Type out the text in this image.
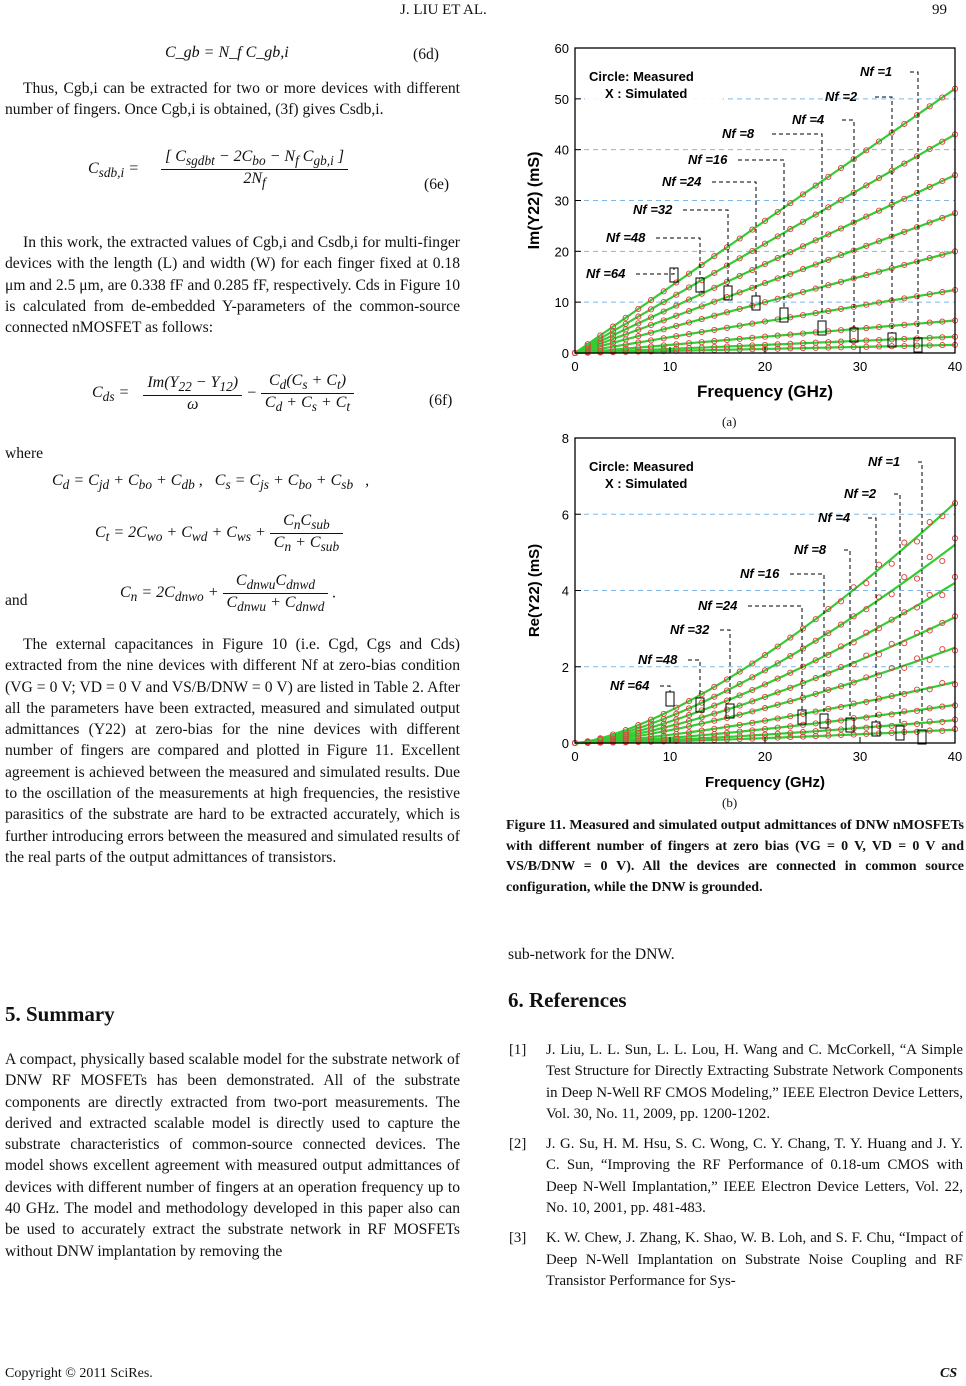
J. LIU ET AL.	99
C_gb = N_f C_gb,i	(6d)

Thus, Cgb,i can be extracted for two or more devices with different number of fingers. Once Cgb,i is obtained, (3f) gives Csdb,i.

$C_{sdb,i} = \frac{[ C_{sgdbt} - 2C_{bo} - N_f C_{gb,i} ]}{2N_f}$	(6e)

In this work, the extracted values of Cgb,i and Csdb,i for multi-finger devices with the length (L) and width (W) for each finger fixed at 0.18 μm and 2.5 μm, are 0.338 fF and 0.285 fF, respectively. Cds in Figure 10 is calculated from de-embedded Y-parameters of the common-source connected nMOSFET as follows:

$C_{ds} = \frac{Im(Y_{22} - Y_{12})}{\omega} - \frac{C_d(C_s + C_t)}{C_d + C_s + C_t}$	(6f)
where
$C_d = C_{jd} + C_{bo} + C_{db}$ ,   $C_s = C_{js} + C_{bo} + C_{sb}$   ,
$C_t = 2C_{wo} + C_{wd} + C_{ws} + \frac{C_nC_{sub}}{C_n + C_{sub}}$
and	$C_n = 2C_{dnwo} + \frac{C_{dnwu}C_{dnwd}}{C_{dnwu} + C_{dnwd}}$ .

The external capacitances in Figure 10 (i.e. Cgd, Cgs and Cds) extracted from the nine devices with different Nf at zero-bias condition (VG = 0 V; VD = 0 V and VS/B/DNW = 0 V) are listed in Table 2. After all the parameters have been extracted, measured and simulated output admittances (Y22) at zero-bias for the nine devices with different number of fingers are compared and plotted in Figure 11. Excellent agreement is achieved between the measured and simulated results. Due to the oscillation of the measurements at high frequencies, the resistive parasitics of the substrate are hard to be extracted accurately, which is further introducing errors between the measured and simulated results of the real parts of the output admittances of transistors.

5. Summary

A compact, physically based scalable model for the substrate network of DNW RF MOSFETs has been demonstrated. All of the substrate components are directly extracted from two-port measurements. The derived and extracted scalable model is directly used to capture the substrate characteristics of common-source connected devices. The model shows excellent agreement with measured output admittances of devices with different number of fingers at an operation frequency up to 40 GHz. The model and methodology developed in this paper also can be used to accurately extract the substrate network in RF MOSFETs without DNW implantation by removing the

0	10	20	30	40
0
10
20
30
40
50
60
Frequency (GHz)
Im(Y22) (mS)
Circle: Measured
X : Simulated
Nf =1
Nf =2
Nf =4
Nf =8
Nf =16
Nf =24
Nf =32
Nf =48
Nf =64
(a)
0	10	20	30	40
0
2
4
6
8
Frequency (GHz)
Re(Y22) (mS)
Circle: Measured
X : Simulated
Nf =1
Nf =2
Nf =4
Nf =8
Nf =16
Nf =24
Nf =32
Nf =48
Nf =64
(b)
Figure 11. Measured and simulated output admittances of DNW nMOSFETs with different number of fingers at zero bias (VG = 0 V, VD = 0 V and VS/B/DNW = 0 V). All the devices are connected in common source configuration, while the DNW is grounded.

sub-network for the DNW.

6. References
[1] J. Liu, L. L. Sun, L. L. Lou, H. Wang and C. McCorkell, “A Simple Test Structure for Directly Extracting Substrate Network Components in Deep N-Well RF CMOS Modeling,” IEEE Electron Device Letters, Vol. 30, No. 11, 2009, pp. 1200-1202.
[2] J. G. Su, H. M. Hsu, S. C. Wong, C. Y. Chang, T. Y. Huang and J. Y. C. Sun, “Improving the RF Performance of 0.18-um CMOS with Deep N-Well Implantation,” IEEE Electron Device Letters, Vol. 22, No. 10, 2001, pp. 481-483.
[3] K. W. Chew, J. Zhang, K. Shao, W. B. Loh, and S. F. Chu, “Impact of Deep N-Well Implantation on Substrate Noise Coupling and RF Transistor Performance for Sys-
Copyright © 2011 SciRes.	CS
